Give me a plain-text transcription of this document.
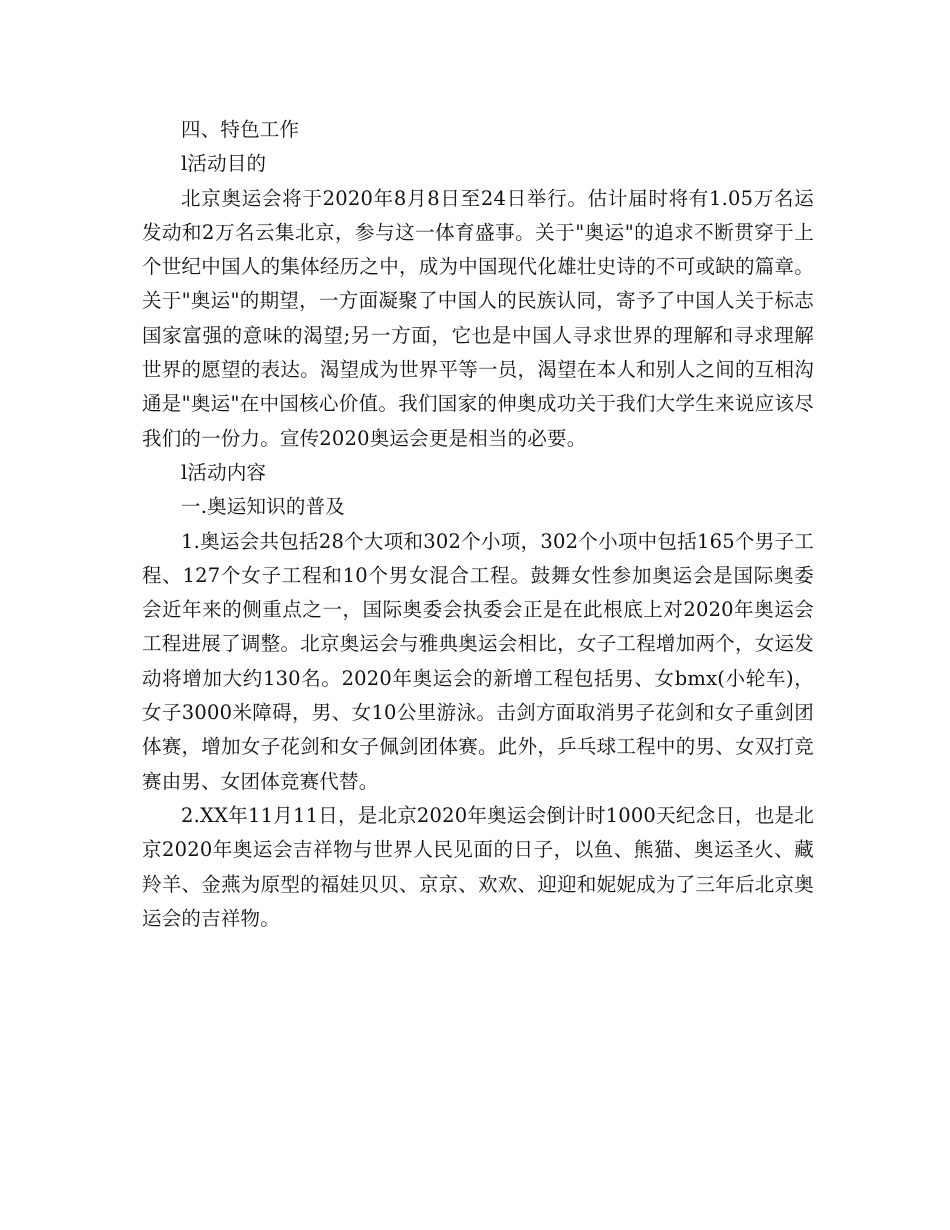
四、特色工作

l活动目的

北京奥运会将于2020年8月8日至24日举行。估计届时将有1.05万名运发动和2万名云集北京，参与这一体育盛事。关于"奥运"的追求不断贯穿于上个世纪中国人的集体经历之中，成为中国现代化雄壮史诗的不可或缺的篇章。关于"奥运"的期望，一方面凝聚了中国人的民族认同，寄予了中国人关于标志国家富强的意味的渴望;另一方面，它也是中国人寻求世界的理解和寻求理解世界的愿望的表达。渴望成为世界平等一员，渴望在本人和别人之间的互相沟通是"奥运"在中国核心价值。我们国家的伸奥成功关于我们大学生来说应该尽我们的一份力。宣传2020奥运会更是相当的必要。

l活动内容

一.奥运知识的普及

1.奥运会共包括28个大项和302个小项，302个小项中包括165个男子工程、127个女子工程和10个男女混合工程。鼓舞女性参加奥运会是国际奥委会近年来的侧重点之一，国际奥委会执委会正是在此根底上对2020年奥运会工程进展了调整。北京奥运会与雅典奥运会相比，女子工程增加两个，女运发动将增加大约130名。2020年奥运会的新增工程包括男、女bmx(小轮车)，女子3000米障碍，男、女10公里游泳。击剑方面取消男子花剑和女子重剑团体赛，增加女子花剑和女子佩剑团体赛。此外，乒乓球工程中的男、女双打竞赛由男、女团体竞赛代替。

2.XX年11月11日，是北京2020年奥运会倒计时1000天纪念日，也是北京2020年奥运会吉祥物与世界人民见面的日子，以鱼、熊猫、奥运圣火、藏羚羊、金燕为原型的福娃贝贝、京京、欢欢、迎迎和妮妮成为了三年后北京奥运会的吉祥物。
